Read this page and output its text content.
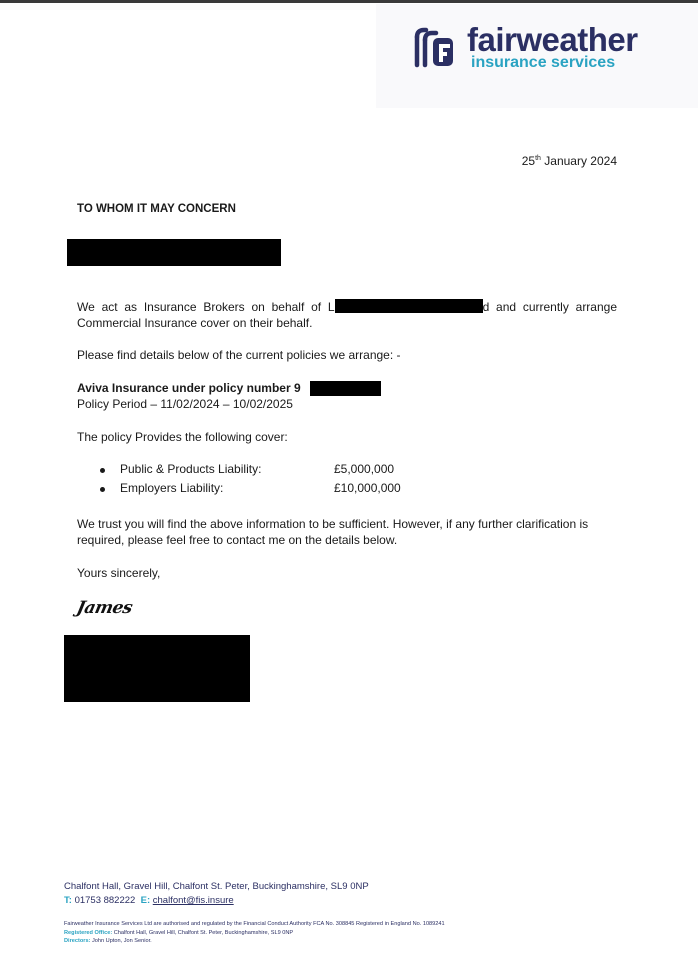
fairweather
insurance services
25th January 2024
TO WHOM IT MAY CONCERN
We act as Insurance Brokers on behalf of L	d and currently arrange Commercial Insurance cover on their behalf.
Please find details below of the current policies we arrange: -
Aviva Insurance under policy number 9
Policy Period – 11/02/2024 – 10/02/2025
The policy Provides the following cover:
Public & Products Liability:	£5,000,000
Employers Liability:	£10,000,000
We trust you will find the above information to be sufficient. However, if any further clarification is required, please feel free to contact me on the details below.
Yours sincerely,
James
Chalfont Hall, Gravel Hill, Chalfont St. Peter, Buckinghamshire, SL9 0NP
T: 01753 882222 E: chalfont@fis.insure
Fairweather Insurance Services Ltd are authorised and regulated by the Financial Conduct Authority FCA No. 308845 Registered in England No. 1089241
Registered Office: Chalfont Hall, Gravel Hill, Chalfont St. Peter, Buckinghamshire, SL9 0NP
Directors: John Upton, Jon Senior.
